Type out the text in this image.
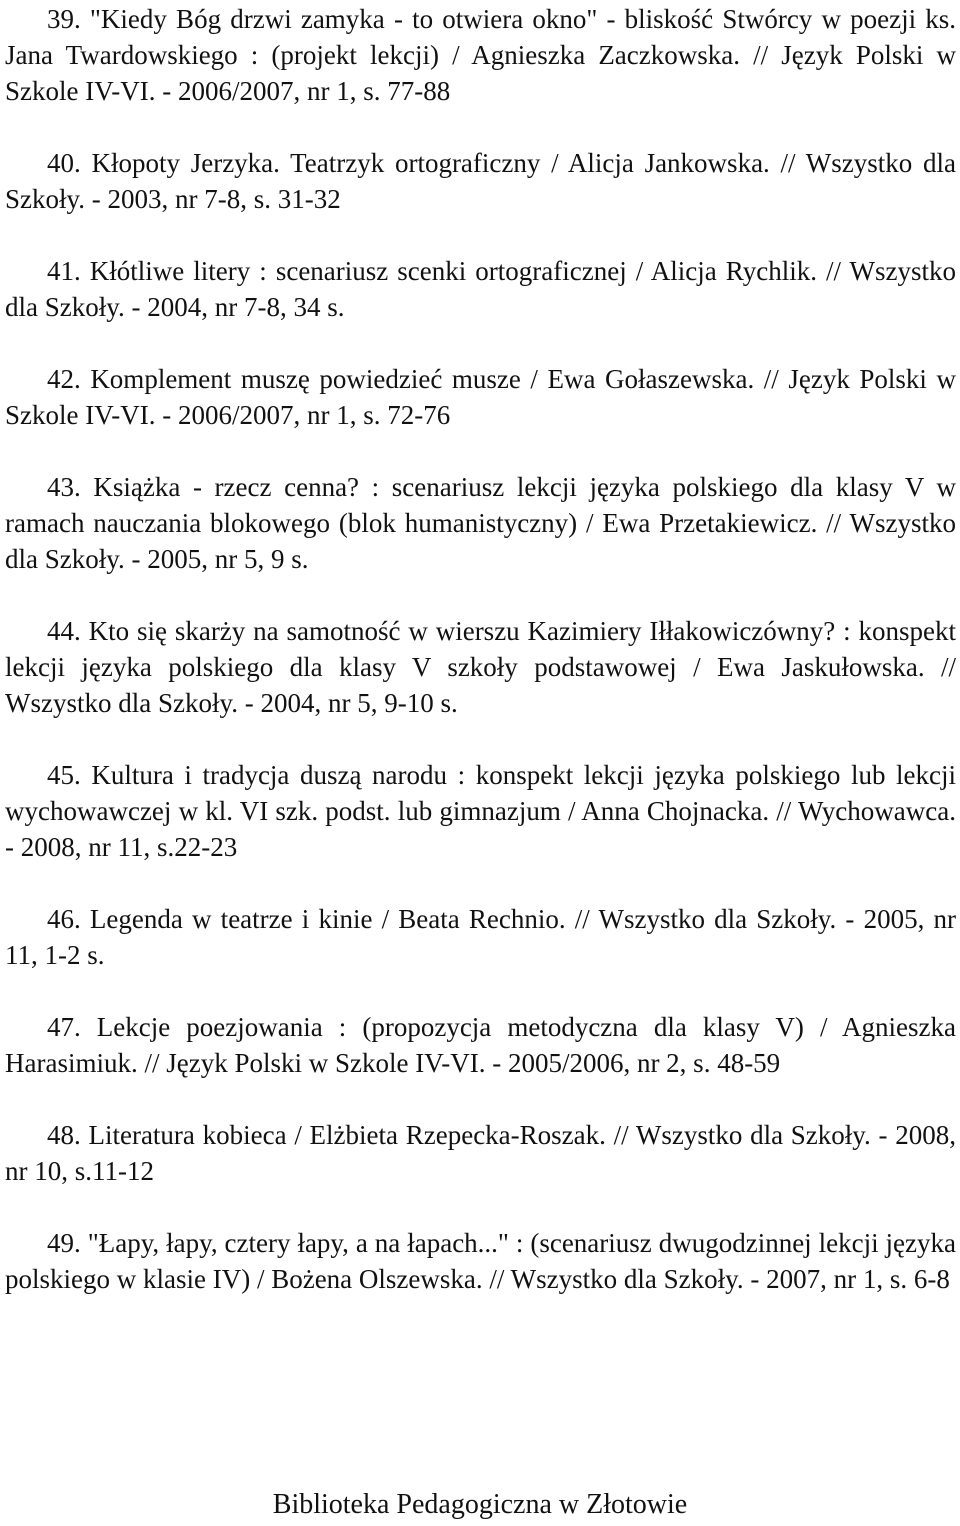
39. "Kiedy Bóg drzwi zamyka - to otwiera okno" - bliskość Stwórcy w poezji ks. Jana Twardowskiego : (projekt lekcji) / Agnieszka Zaczkowska. // Język Polski w Szkole IV-VI. - 2006/2007, nr 1, s. 77-88

40. Kłopoty Jerzyka. Teatrzyk ortograficzny / Alicja Jankowska. // Wszystko dla Szkoły. - 2003, nr 7-8, s. 31-32

41. Kłótliwe litery : scenariusz scenki ortograficznej / Alicja Rychlik. // Wszystko dla Szkoły. - 2004, nr 7-8, 34 s.

42. Komplement muszę powiedzieć musze / Ewa Gołaszewska. // Język Polski w Szkole IV-VI. - 2006/2007, nr 1, s. 72-76

43. Książka - rzecz cenna? : scenariusz lekcji języka polskiego dla klasy V w ramach nauczania blokowego (blok humanistyczny) / Ewa Przetakiewicz. // Wszystko dla Szkoły. - 2005, nr 5, 9 s.

44. Kto się skarży na samotność w wierszu Kazimiery Iłłakowiczówny? : konspekt lekcji języka polskiego dla klasy V szkoły podstawowej / Ewa Jaskułowska. // Wszystko dla Szkoły. - 2004, nr 5, 9-10 s.

45. Kultura i tradycja duszą narodu : konspekt lekcji języka polskiego lub lekcji wychowawczej w kl. VI szk. podst. lub gimnazjum / Anna Chojnacka. // Wychowawca. - 2008, nr 11, s.22-23

46. Legenda w teatrze i kinie / Beata Rechnio. // Wszystko dla Szkoły. - 2005, nr 11, 1-2 s.

47. Lekcje poezjowania : (propozycja metodyczna dla klasy V) / Agnieszka Harasimiuk. // Język Polski w Szkole IV-VI. - 2005/2006, nr 2, s. 48-59

48. Literatura kobieca / Elżbieta Rzepecka-Roszak. // Wszystko dla Szkoły. - 2008, nr 10, s.11-12

49. "Łapy, łapy, cztery łapy, a na łapach..." : (scenariusz dwugodzinnej lekcji języka polskiego w klasie IV) / Bożena Olszewska. // Wszystko dla Szkoły. - 2007, nr 1, s. 6-8

Biblioteka Pedagogiczna w Złotowie
